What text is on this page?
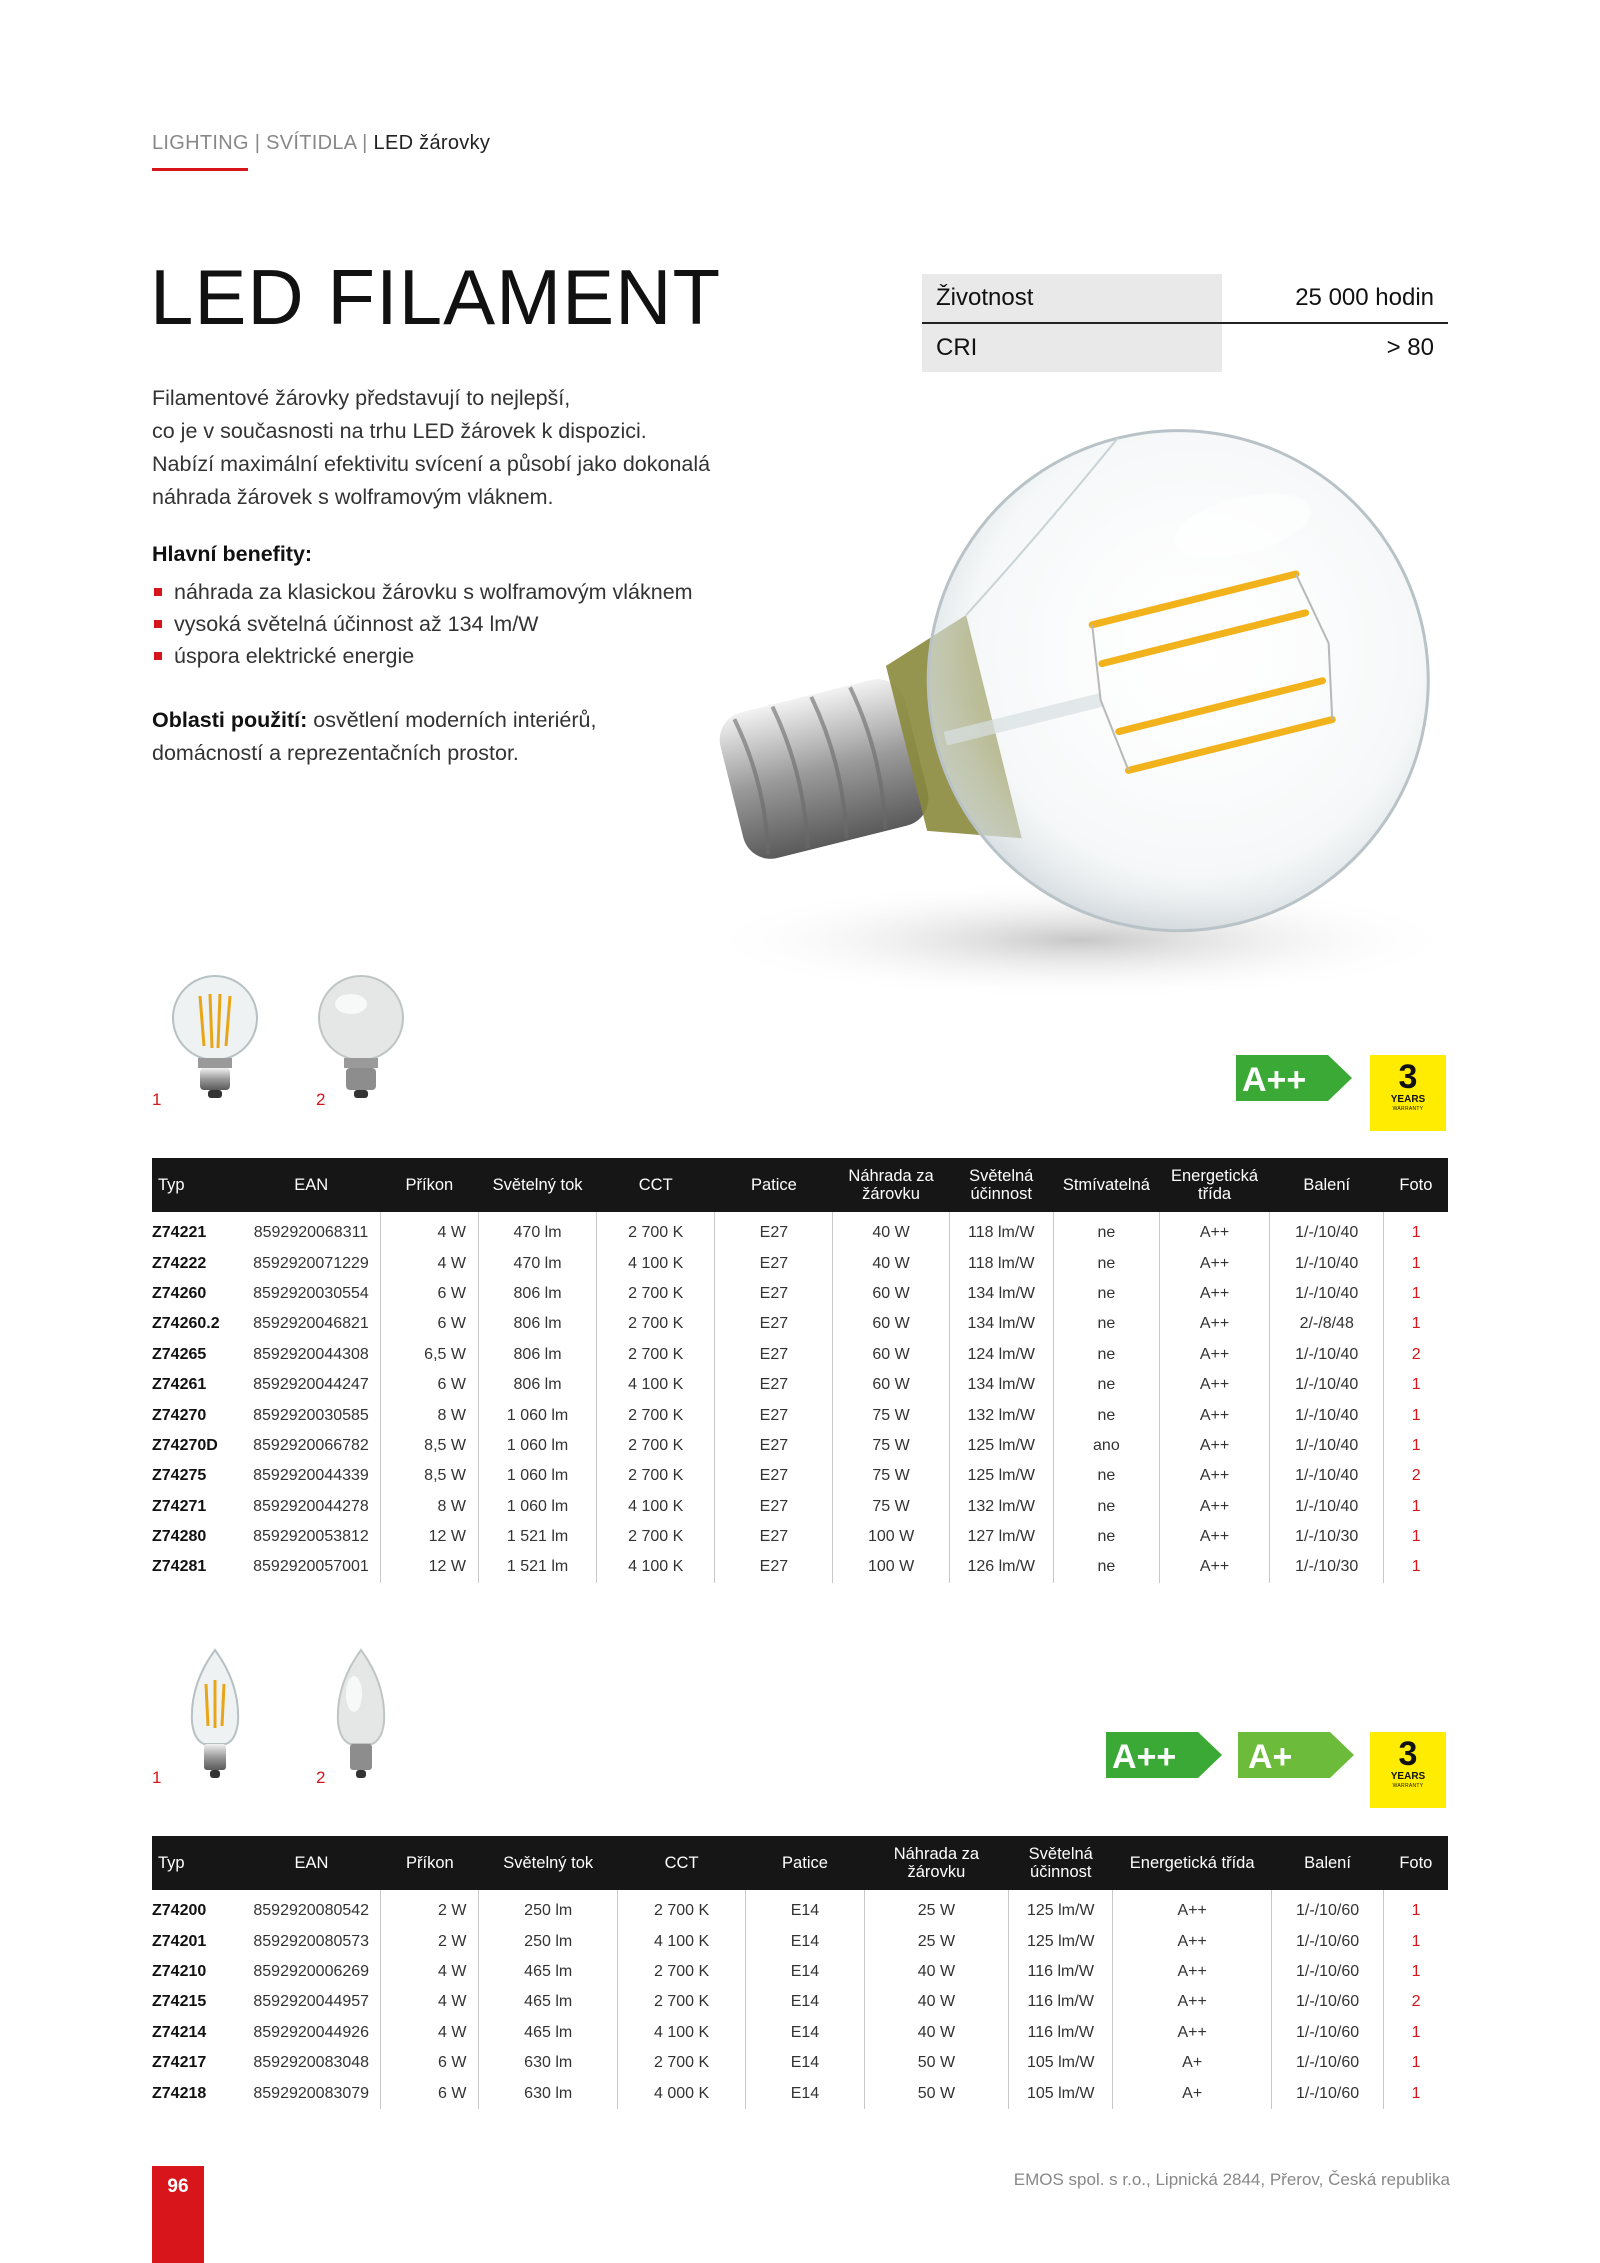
LIGHTING | SVÍTIDLA | LED žárovky
LED FILAMENT	Životnost	25 000 hodin
CRI	> 80
Filamentové žárovky představují to nejlepší,
co je v současnosti na trhu LED žárovek k dispozici.
Nabízí maximální efektivitu svícení a působí jako dokonalá
náhrada žárovek s wolframovým vláknem.
Hlavní benefity:
náhrada za klasickou žárovku s wolframovým vláknem
vysoká světelná účinnost až 134 lm/W
úspora elektrické energie
Oblasti použití: osvětlení moderních interiérů,
domácností a reprezentačních prostor.
1	2
A++	3
YEARS
WARRANTY
Typ	EAN	Příkon	Světelný tok	CCT	Patice	Náhrada za
žárovku	Světelná
účinnost	Stmívatelná	Energetická
třída	Balení	Foto
Z74221	8592920068311	4 W	470 lm	2 700 K	E27	40 W	118 lm/W	ne	A++	1/-/10/40	1
Z74222	8592920071229	4 W	470 lm	4 100 K	E27	40 W	118 lm/W	ne	A++	1/-/10/40	1
Z74260	8592920030554	6 W	806 lm	2 700 K	E27	60 W	134 lm/W	ne	A++	1/-/10/40	1
Z74260.2	8592920046821	6 W	806 lm	2 700 K	E27	60 W	134 lm/W	ne	A++	2/-/8/48	1
Z74265	8592920044308	6,5 W	806 lm	2 700 K	E27	60 W	124 lm/W	ne	A++	1/-/10/40	2
Z74261	8592920044247	6 W	806 lm	4 100 K	E27	60 W	134 lm/W	ne	A++	1/-/10/40	1
Z74270	8592920030585	8 W	1 060 lm	2 700 K	E27	75 W	132 lm/W	ne	A++	1/-/10/40	1
Z74270D	8592920066782	8,5 W	1 060 lm	2 700 K	E27	75 W	125 lm/W	ano	A++	1/-/10/40	1
Z74275	8592920044339	8,5 W	1 060 lm	2 700 K	E27	75 W	125 lm/W	ne	A++	1/-/10/40	2
Z74271	8592920044278	8 W	1 060 lm	4 100 K	E27	75 W	132 lm/W	ne	A++	1/-/10/40	1
Z74280	8592920053812	12 W	1 521 lm	2 700 K	E27	100 W	127 lm/W	ne	A++	1/-/10/30	1
Z74281	8592920057001	12 W	1 521 lm	4 100 K	E27	100 W	126 lm/W	ne	A++	1/-/10/30	1
1	2
A++ A+	3
YEARS
WARRANTY
Typ	EAN	Příkon	Světelný tok	CCT	Patice	Náhrada za žárovku	Světelná
účinnost	Energetická třída	Balení	Foto
Z74200	8592920080542	2 W	250 lm	2 700 K	E14	25 W	125 lm/W	A++	1/-/10/60	1
Z74201	8592920080573	2 W	250 lm	4 100 K	E14	25 W	125 lm/W	A++	1/-/10/60	1
Z74210	8592920006269	4 W	465 lm	2 700 K	E14	40 W	116 lm/W	A++	1/-/10/60	1
Z74215	8592920044957	4 W	465 lm	2 700 K	E14	40 W	116 lm/W	A++	1/-/10/60	2
Z74214	8592920044926	4 W	465 lm	4 100 K	E14	40 W	116 lm/W	A++	1/-/10/60	1
Z74217	8592920083048	6 W	630 lm	2 700 K	E14	50 W	105 lm/W	A+	1/-/10/60	1
Z74218	8592920083079	6 W	630 lm	4 000 K	E14	50 W	105 lm/W	A+	1/-/10/60	1
96	EMOS spol. s r.o., Lipnická 2844, Přerov, Česká republika
